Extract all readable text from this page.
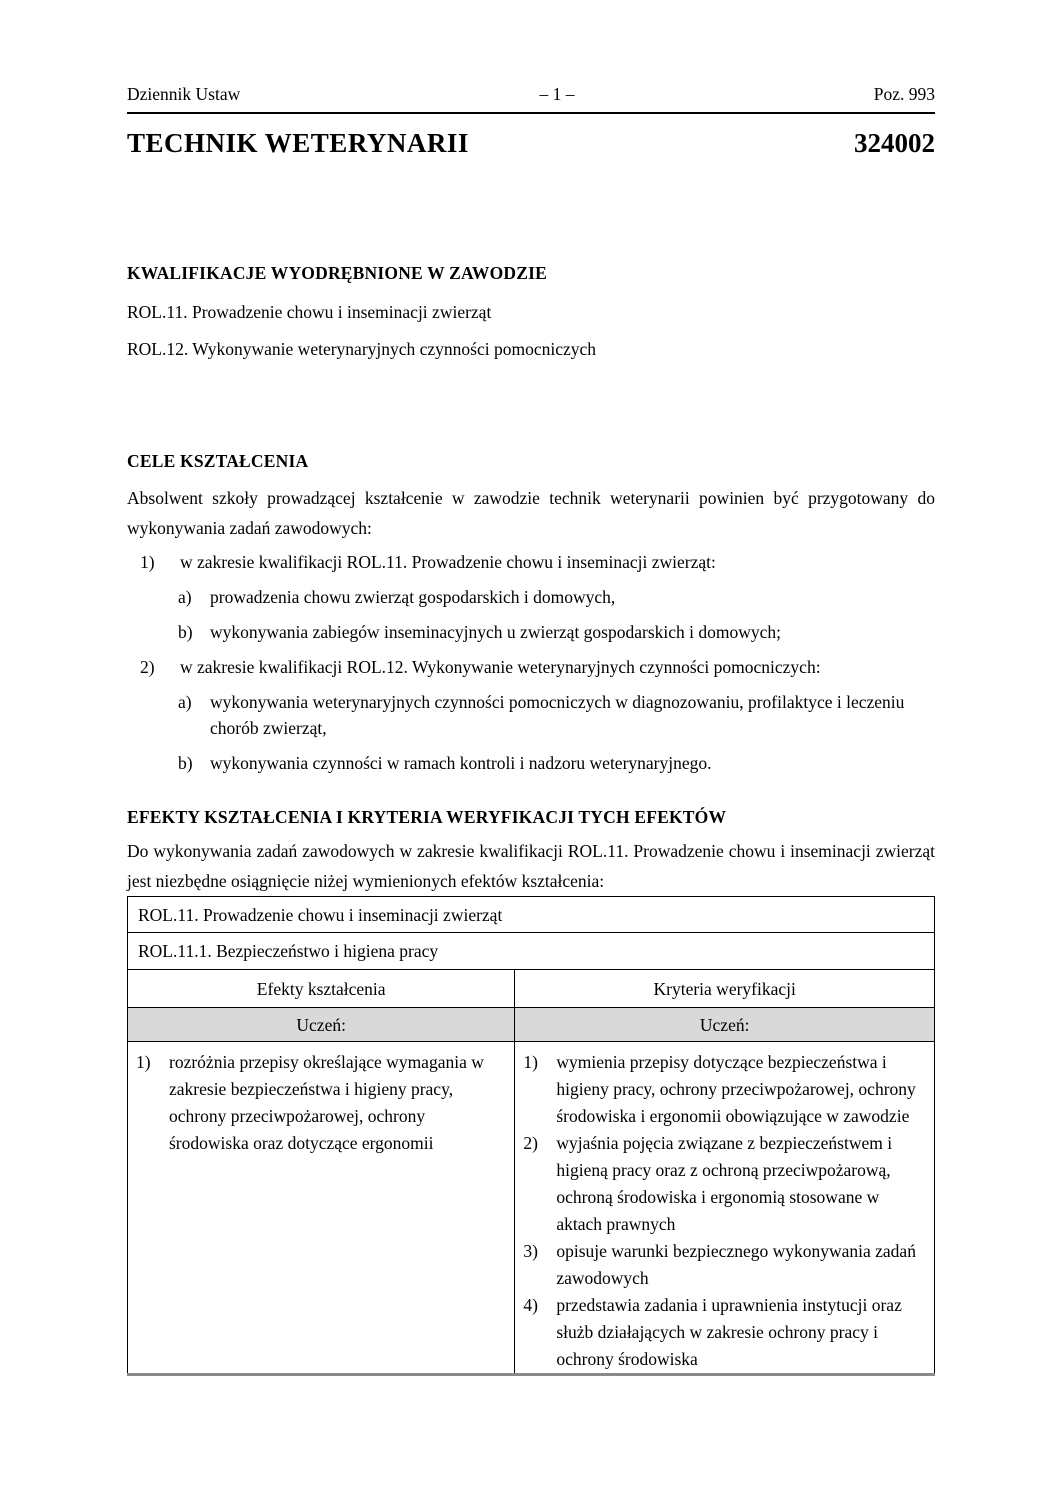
Dziennik Ustaw	– 1 –	Poz. 993
TECHNIK WETERYNARII	324002
KWALIFIKACJE WYODRĘBNIONE W ZAWODZIE

ROL.11. Prowadzenie chowu i inseminacji zwierząt

ROL.12. Wykonywanie weterynaryjnych czynności pomocniczych

CELE KSZTAŁCENIA

Absolwent szkoły prowadzącej kształcenie w zawodzie technik weterynarii powinien być przygotowany do wykonywania zadań zawodowych:

1)	w zakresie kwalifikacji ROL.11. Prowadzenie chowu i inseminacji zwierząt:
a)	prowadzenia chowu zwierząt gospodarskich i domowych,
b) wykonywania zabiegów inseminacyjnych u zwierząt gospodarskich i domowych;
2)	w zakresie kwalifikacji ROL.12. Wykonywanie weterynaryjnych czynności pomocniczych:
a)	wykonywania weterynaryjnych czynności pomocniczych w diagnozowaniu, profilaktyce i leczeniu chorób zwierząt,
b) wykonywania czynności w ramach kontroli i nadzoru weterynaryjnego.
EFEKTY KSZTAŁCENIA I KRYTERIA WERYFIKACJI TYCH EFEKTÓW

Do wykonywania zadań zawodowych w zakresie kwalifikacji ROL.11. Prowadzenie chowu i inseminacji zwierząt jest niezbędne osiągnięcie niżej wymienionych efektów kształcenia:

ROL.11. Prowadzenie chowu i inseminacji zwierząt	
ROL.11.1. Bezpieczeństwo i higiena pracy	
Efekty kształcenia	Kryteria weryfikacji
Uczeń:	Uczeń:

1)	rozróżnia przepisy określające wymagania w zakresie bezpieczeństwa i higieny pracy, ochrony przeciwpożarowej, ochrony środowiska oraz dotyczące ergonomii

1)	wymienia przepisy dotyczące bezpieczeństwa i higieny pracy, ochrony przeciwpożarowej, ochrony środowiska i ergonomii obowiązujące w zawodzie
2)	wyjaśnia pojęcia związane z bezpieczeństwem i higieną pracy oraz z ochroną przeciwpożarową, ochroną środowiska i ergonomią stosowane w aktach prawnych
3)	opisuje warunki bezpiecznego wykonywania zadań zawodowych
4)	przedstawia zadania i uprawnienia instytucji oraz służb działających w zakresie ochrony pracy i ochrony środowiska
